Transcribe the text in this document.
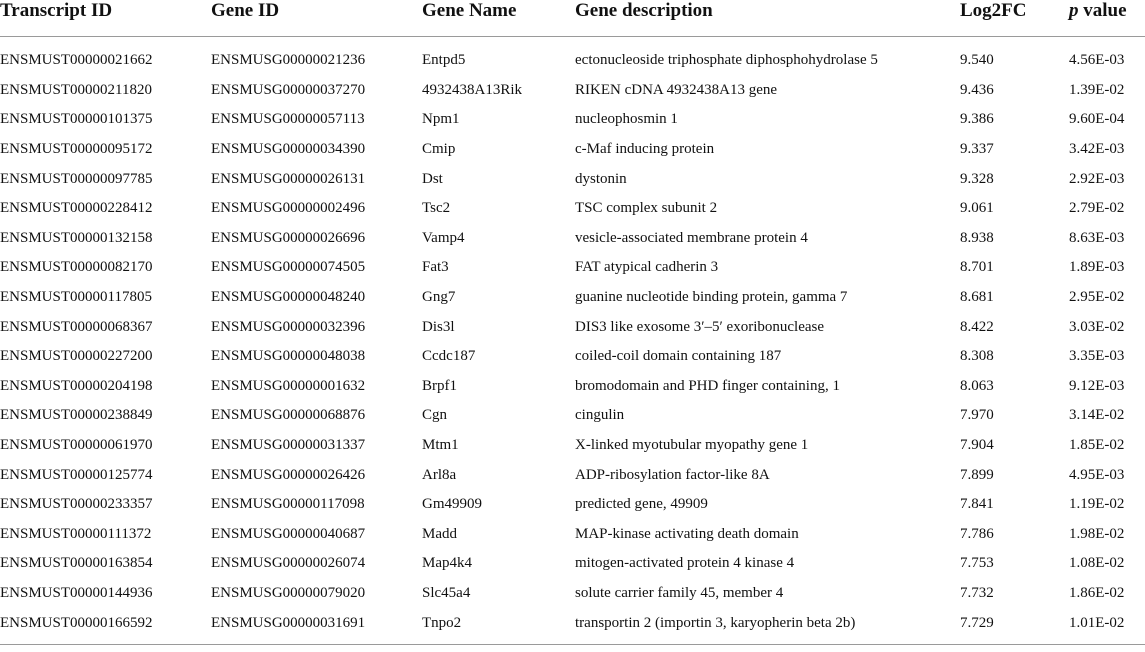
Transcript ID	Gene ID	Gene Name	Gene description	Log2FC	p value

ENSMUST00000021662	ENSMUSG00000021236	Entpd5	ectonucleoside triphosphate diphosphohydrolase 5	9.540	4.56E-03
ENSMUST00000211820	ENSMUSG00000037270	4932438A13Rik	RIKEN cDNA 4932438A13 gene	9.436	1.39E-02
ENSMUST00000101375	ENSMUSG00000057113	Npm1	nucleophosmin 1	9.386	9.60E-04
ENSMUST00000095172	ENSMUSG00000034390	Cmip	c-Maf inducing protein	9.337	3.42E-03
ENSMUST00000097785	ENSMUSG00000026131	Dst	dystonin	9.328	2.92E-03
ENSMUST00000228412	ENSMUSG00000002496	Tsc2	TSC complex subunit 2	9.061	2.79E-02
ENSMUST00000132158	ENSMUSG00000026696	Vamp4	vesicle-associated membrane protein 4	8.938	8.63E-03
ENSMUST00000082170	ENSMUSG00000074505	Fat3	FAT atypical cadherin 3	8.701	1.89E-03
ENSMUST00000117805	ENSMUSG00000048240	Gng7	guanine nucleotide binding protein, gamma 7	8.681	2.95E-02
ENSMUST00000068367	ENSMUSG00000032396	Dis3l	DIS3 like exosome 3′–5′ exoribonuclease	8.422	3.03E-02
ENSMUST00000227200	ENSMUSG00000048038	Ccdc187	coiled-coil domain containing 187	8.308	3.35E-03
ENSMUST00000204198	ENSMUSG00000001632	Brpf1	bromodomain and PHD finger containing, 1	8.063	9.12E-03
ENSMUST00000238849	ENSMUSG00000068876	Cgn	cingulin	7.970	3.14E-02
ENSMUST00000061970	ENSMUSG00000031337	Mtm1	X-linked myotubular myopathy gene 1	7.904	1.85E-02
ENSMUST00000125774	ENSMUSG00000026426	Arl8a	ADP-ribosylation factor-like 8A	7.899	4.95E-03
ENSMUST00000233357	ENSMUSG00000117098	Gm49909	predicted gene, 49909	7.841	1.19E-02
ENSMUST00000111372	ENSMUSG00000040687	Madd	MAP-kinase activating death domain	7.786	1.98E-02
ENSMUST00000163854	ENSMUSG00000026074	Map4k4	mitogen-activated protein 4 kinase 4	7.753	1.08E-02
ENSMUST00000144936	ENSMUSG00000079020	Slc45a4	solute carrier family 45, member 4	7.732	1.86E-02
ENSMUST00000166592	ENSMUSG00000031691	Tnpo2	transportin 2 (importin 3, karyopherin beta 2b)	7.729	1.01E-02
